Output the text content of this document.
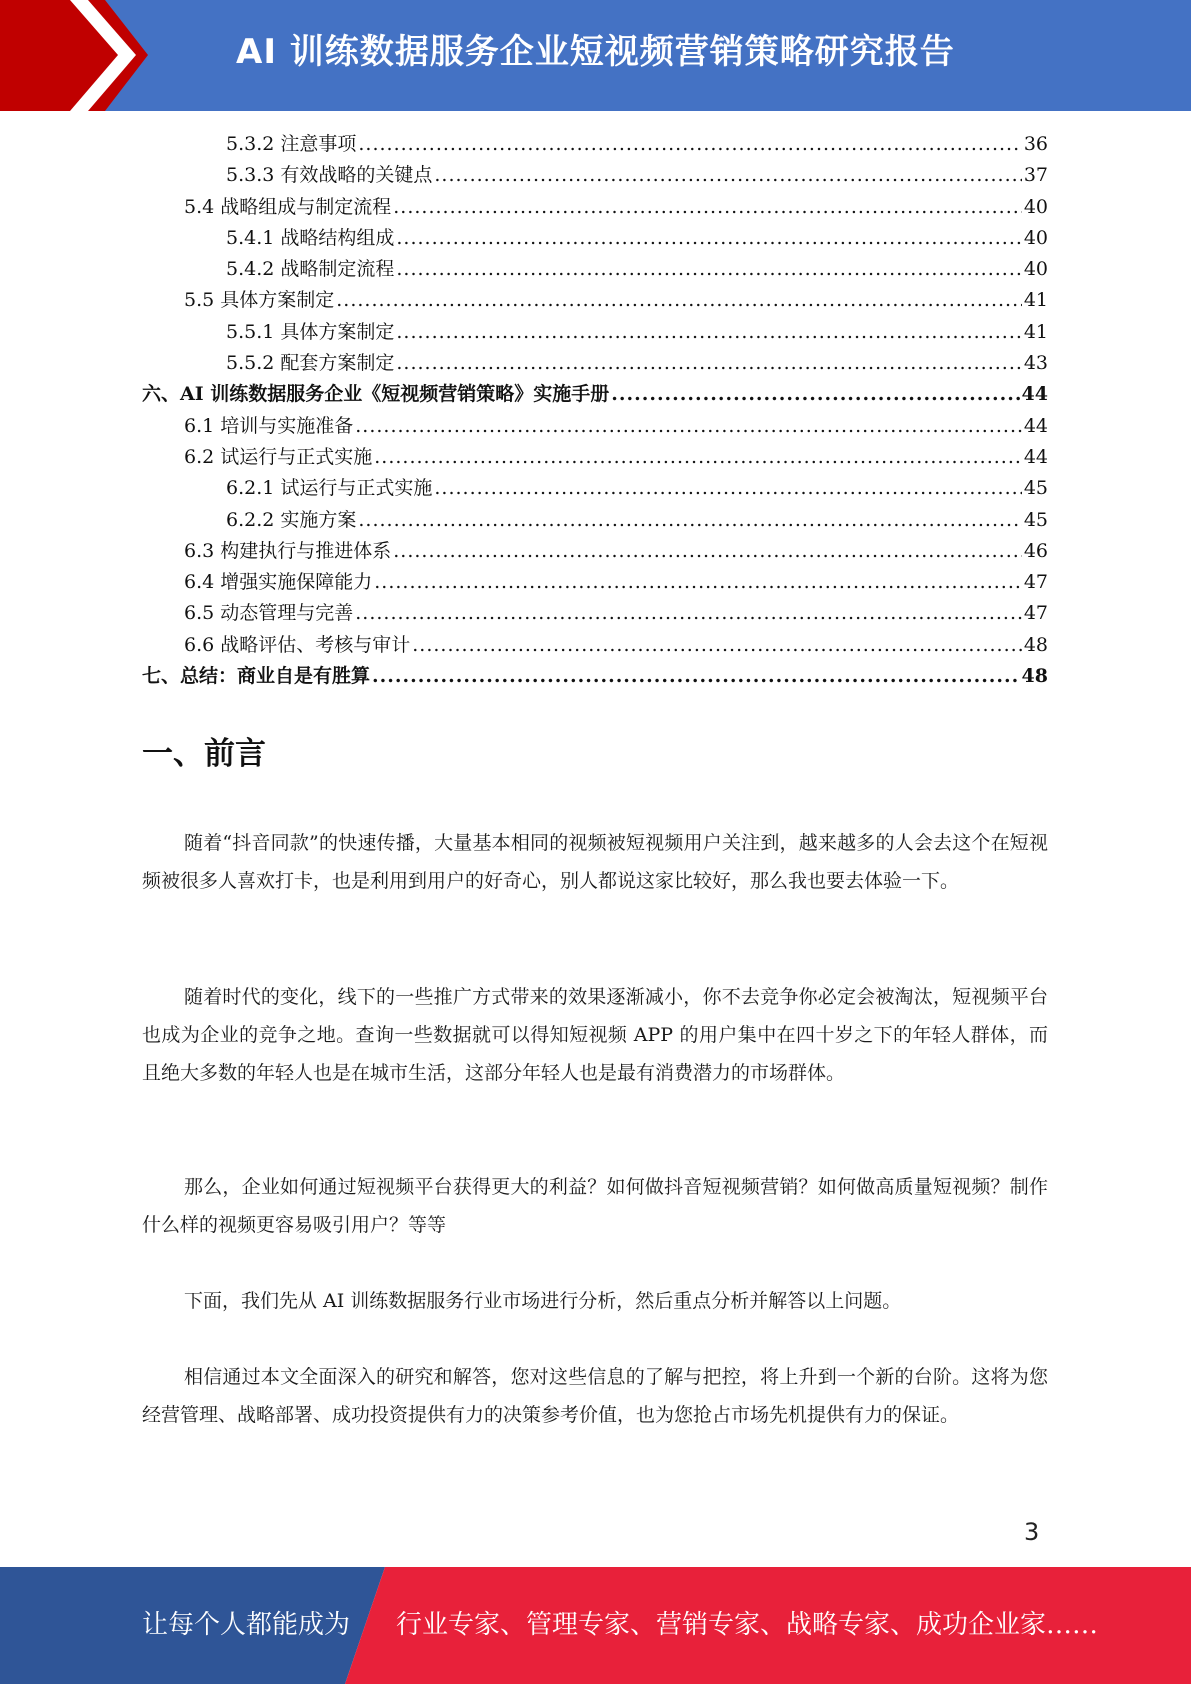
AI 训练数据服务企业短视频营销策略研究报告
5.3.2 注意事项 .....	36
5.3.3 有效战略的关键点 .....	37
5.4 战略组成与制定流程 .....	40
5.4.1 战略结构组成 .....	40
5.4.2 战略制定流程 .....	40
5.5 具体方案制定 .....	41
5.5.1 具体方案制定 .....	41
5.5.2 配套方案制定 .....	43
六、AI 训练数据服务企业《短视频营销策略》实施手册 .....	44
6.1 培训与实施准备 .....	44
6.2 试运行与正式实施 .....	44
6.2.1 试运行与正式实施 .....	45
6.2.2 实施方案 .....	45
6.3 构建执行与推进体系 .....	46
6.4 增强实施保障能力 .....	47
6.5 动态管理与完善 .....	47
6.6 战略评估、考核与审计 .....	48
七、总结：商业自是有胜算 .....	48
一、前言

随着“抖音同款”的快速传播，大量基本相同的视频被短视频用户关注到，越来越多的人会去这个在短视频被很多人喜欢打卡，也是利用到用户的好奇心，别人都说这家比较好，那么我也要去体验一下。

随着时代的变化，线下的一些推广方式带来的效果逐渐减小，你不去竞争你必定会被淘汰，短视频平台也成为企业的竞争之地。查询一些数据就可以得知短视频 APP 的用户集中在四十岁之下的年轻人群体，而且绝大多数的年轻人也是在城市生活，这部分年轻人也是最有消费潜力的市场群体。

那么，企业如何通过短视频平台获得更大的利益？如何做抖音短视频营销？如何做高质量短视频？制作什么样的视频更容易吸引用户？等等

下面，我们先从 AI 训练数据服务行业市场进行分析，然后重点分析并解答以上问题。

相信通过本文全面深入的研究和解答，您对这些信息的了解与把控，将上升到一个新的台阶。这将为您经营管理、战略部署、成功投资提供有力的决策参考价值，也为您抢占市场先机提供有力的保证。

3
让每个人都能成为 行业专家、管理专家、营销专家、战略专家、成功企业家……
